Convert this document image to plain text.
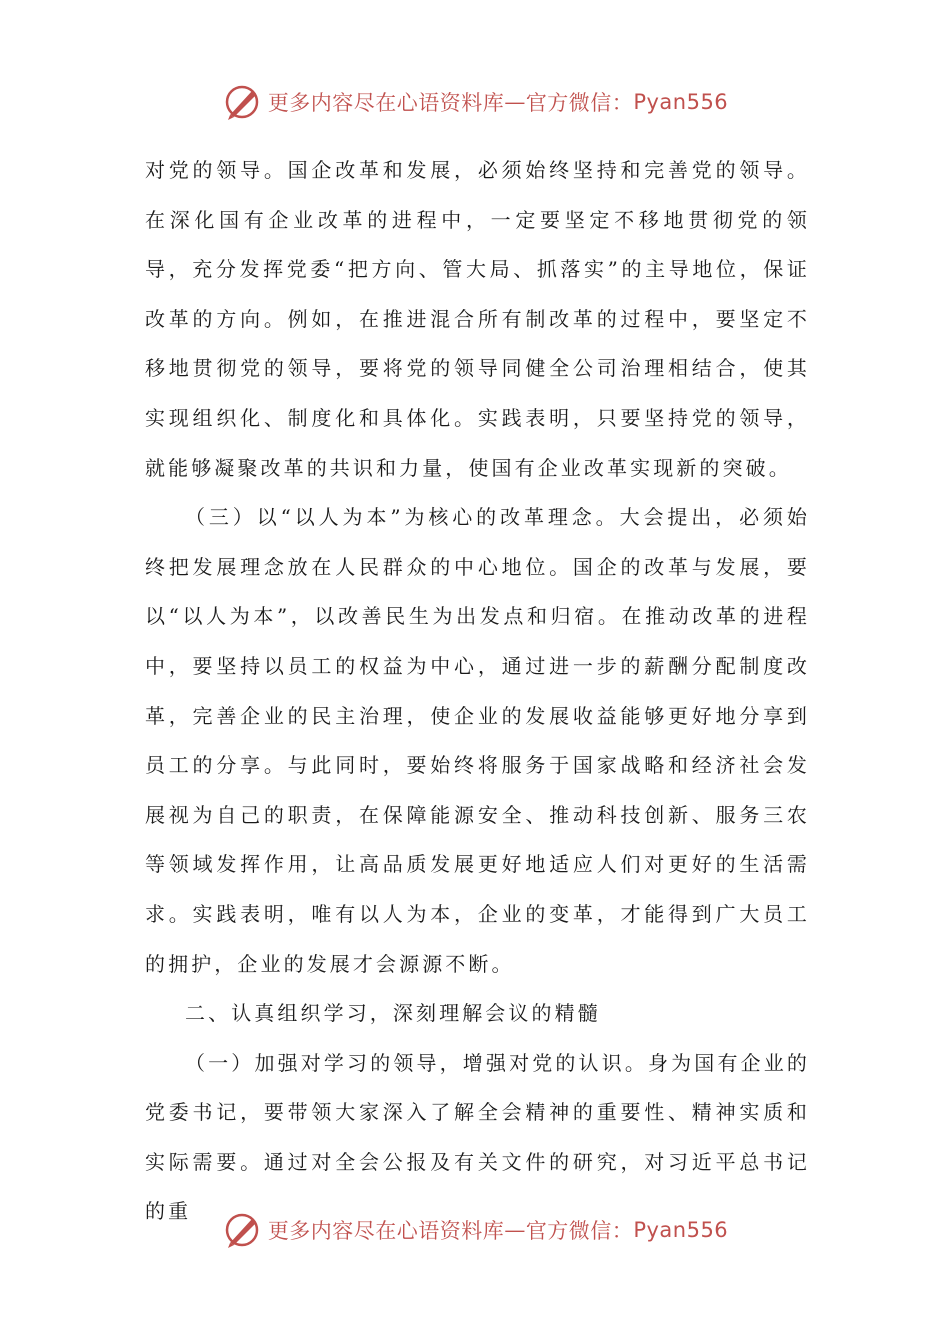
更多内容尽在心语资料库 — 官方微信： Pyan556

对党的领导。国企改革和发展，必须始终坚持和完善党的领导。在深化国有企业改革的进程中，一定要坚定不移地贯彻党的领导，充分发挥党委“把方向、管大局、抓落实”的主导地位，保证改革的方向。例如，在推进混合所有制改革的过程中，要坚定不移地贯彻党的领导，要将党的领导同健全公司治理相结合，使其实现组织化、制度化和具体化。实践表明，只要坚持党的领导，就能够凝聚改革的共识和力量，使国有企业改革实现新的突破。

（三）以“以人为本”为核心的改革理念。大会提出，必须始终把发展理念放在人民群众的中心地位。国企的改革与发展，要以“以人为本”，以改善民生为出发点和归宿。在推动改革的进程中，要坚持以员工的权益为中心，通过进一步的薪酬分配制度改革，完善企业的民主治理，使企业的发展收益能够更好地分享到员工的分享。与此同时，要始终将服务于国家战略和经济社会发展视为自己的职责，在保障能源安全、推动科技创新、服务三农等领域发挥作用，让高品质发展更好地适应人们对更好的生活需求。实践表明，唯有以人为本，企业的变革，才能得到广大员工的拥护，企业的发展才会源源不断。

二、认真组织学习，深刻理解会议的精髓

（一）加强对学习的领导，增强对党的认识。身为国有企业的党委书记，要带领大家深入了解全会精神的重要性、精神实质和实际需要。通过对全会公报及有关文件的研究，对习近平总书记的重

更多内容尽在心语资料库 — 官方微信： Pyan556
